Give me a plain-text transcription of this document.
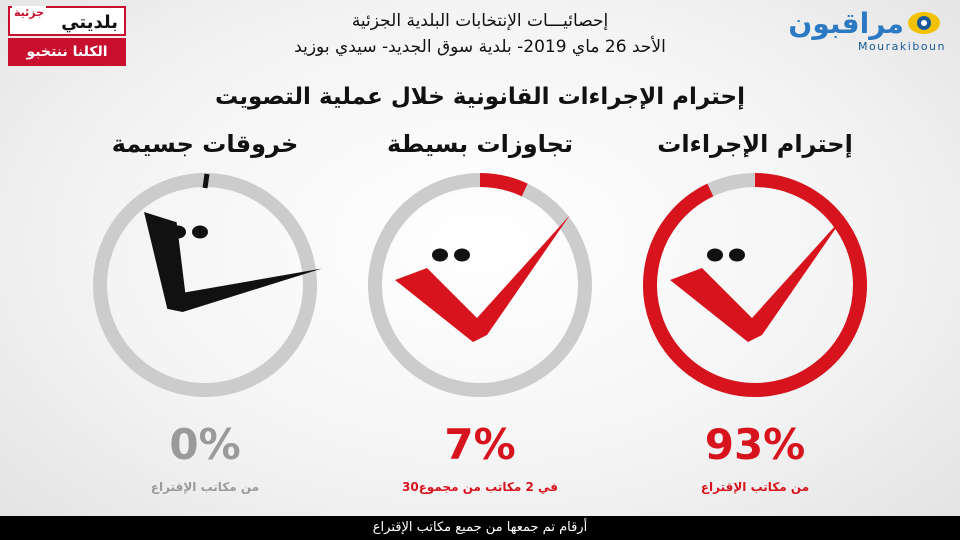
جزئية بلديتي
الكلنا ننتخبو
مراقبون
Mourakiboun
إحصائيـــات الإنتخابات البلدية الجزئية
الأحد 26 ماي 2019- بلدية سوق الجديد- سيدي بوزيد
إحترام الإجراءات القانونية خلال عملية التصويت
إحترام الإجراءات
93%
من مكاتب الإقتراع
تجاوزات بسيطة
7%
في 2 مكاتب من مجموع30
خروقات جسيمة
0%
من مكاتب الإقتراع
أرقام تم جمعها من جميع مكاتب الإقتراع
